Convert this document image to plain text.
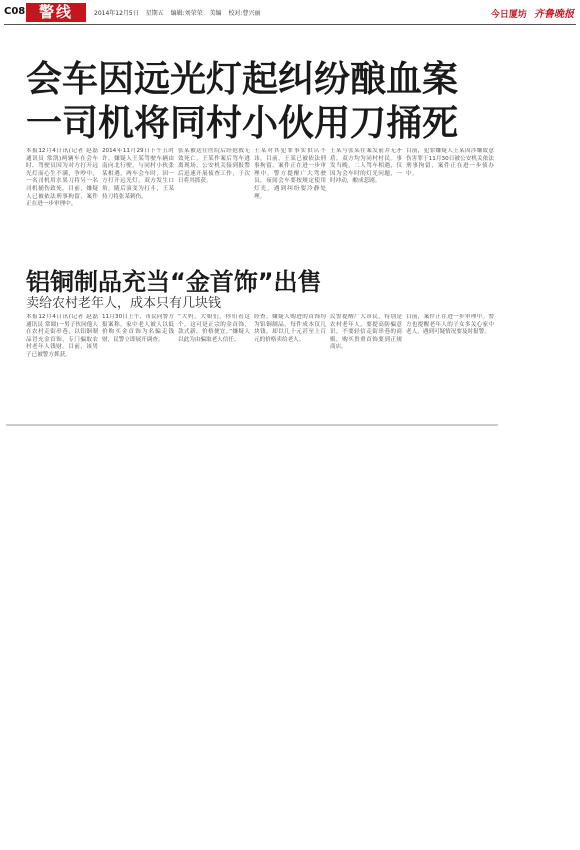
C08 警线	2014年12月5日 星期五 编辑:刘荣荣 美编 校对:曹兴丽	今日厦坊 齐鲁晚报
会车因远光灯起纠纷酿血案
一司机将同村小伙用刀捅死
本报12月4日讯(记者 赵磊 通讯员 常凯)两辆车在会车时，驾驶员因为对方打开远光灯而心生不满，争吵中，一名司机用水果刀将另一名司机捅伤致死。目前，嫌疑人已被依法刑事拘留，案件正在进一步审理中。
2014年11月29日下午五时许，嫌疑人王某驾驶车辆由南向北行驶，与同村小伙张某相遇，两车会车时，因一方打开远光灯，双方发生口角，随后演变为打斗，王某持刀将张某刺伤。
张某被送往医院后经抢救无效死亡。王某作案后驾车逃离现场，公安机关接到报警后迅速开展侦查工作，于次日将其抓获。
王某对其犯罪事实供认不讳，目前，王某已被依法刑事拘留，案件正在进一步审理中。警方提醒广大驾驶员，夜间会车要按规定使用灯光，遇到纠纷要冷静处理。
王某与张某在案发前并无矛盾，双方均为同村村民。事发当晚，二人驾车相遇，仅因为会车时的灯光问题，一时冲动，酿成悲剧。
目前，犯罪嫌疑人王某因涉嫌故意伤害罪于11月30日被公安机关依法刑事拘留，案件正在进一步侦办中。
铝铜制品充当“金首饰”出售
卖给农村老年人，成本只有几块钱
本报12月4日讯(记者 赵磊 通讯员 常圆)一男子伙同他人在农村走街串巷，以铝铜制品冒充金首饰，专门骗取农村老年人钱财。目前，该男子已被警方抓获。
11月30日上午，市民向警方报案称，家中老人被人以低价购买金首饰为名骗走钱财，民警立即展开调查。
“大妈，大娘们，你们看这个，这可是正宗的金首饰，款式新，价格便宜。”嫌疑人以此为由骗取老人信任。
经查，嫌疑人购进的首饰均为铝铜制品，每件成本仅几块钱，却以几十元甚至上百元的价格卖给老人。
民警提醒广大市民，特别是农村老年人，要提高防骗意识，不要轻信走街串巷的商贩，购买贵重首饰要到正规商店。
目前，案件正在进一步审理中。警方也提醒老年人的子女多关心家中老人，遇到可疑情况要及时报警。
